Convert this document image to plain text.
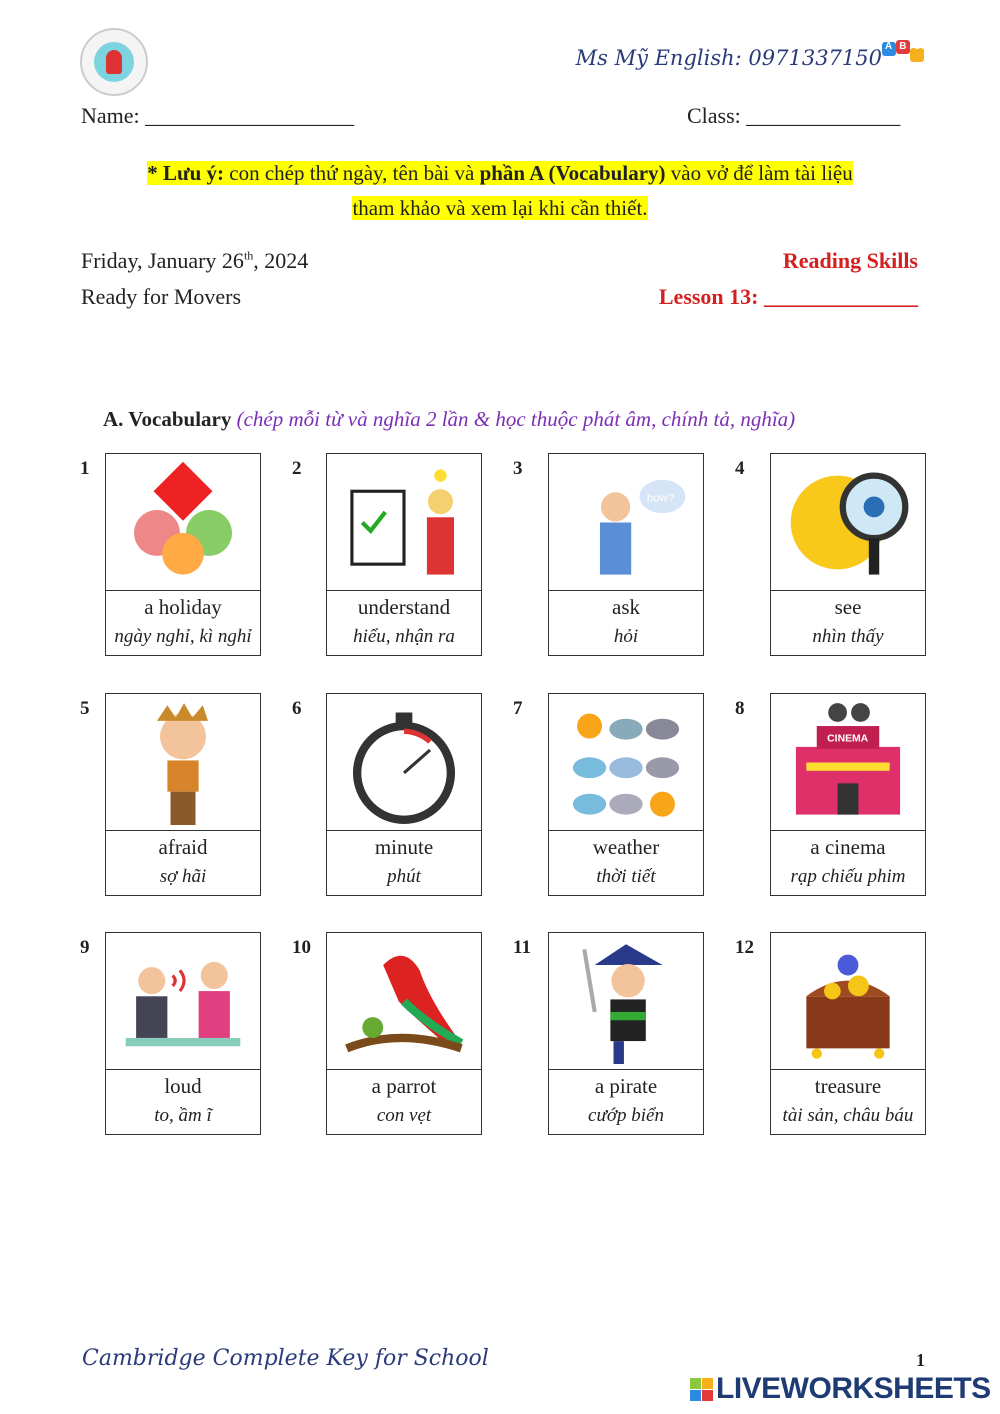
Ms Mỹ English: 0971337150 ABC
Name: ___________________	Class: ______________
* Lưu ý: con chép thứ ngày, tên bài và phần A (Vocabulary) vào vở để làm tài liệu
tham khảo và xem lại khi cần thiết.
Friday, January 26th, 2024
Ready for Movers
Reading Skills
Lesson 13: ______________
A. Vocabulary (chép mỗi từ và nghĩa 2 lần & học thuộc phát âm, chính tả, nghĩa)
1
a holiday
ngày nghỉ, kì nghỉ
2
understand
hiểu, nhận ra
3
how?
ask
hỏi
4
see
nhìn thấy
5
afraid
sợ hãi
6
minute
phút
7
weather
thời tiết
8
CINEMA
a cinema
rạp chiếu phim
9
loud
to, ầm ĩ
10
a parrot
con vẹt
11
a pirate
cướp biển
12
treasure
tài sản, châu báu
Cambridge Complete Key for School	1
LIVEWORKSHEETS
